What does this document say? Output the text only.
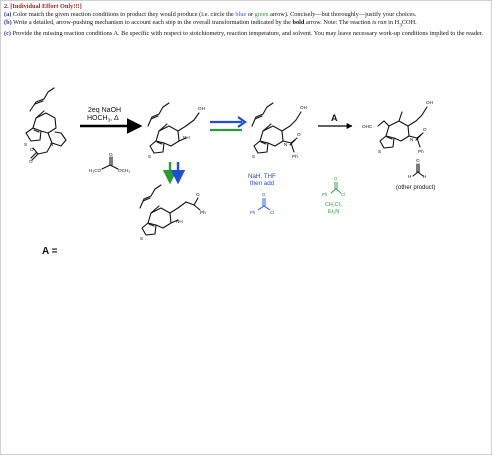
2. [Individual Effort Only!!!]

(a) Color match the given reaction conditions to product they would produce (i.e. circle the blue or green arrow). Concisely—but thoroughly—justify your choices.

(b) Write a detailed, arrow-pushing mechanism to account each step in the overall transformation indicated by the bold arrow. Note: The reaction is run in $H_3COH$.

(c) Provide the missing reaction conditions A. Be specific with respect to stoichiometry, reaction temperature, and solvent. You may leave necessary work-up conditions implied to the reader.

S	N
O
O
2eq NaOH
$HOCH_3$, Δ
O
H₃CO	OCH₃
S
NH
OH
S
NH
O
Ph
S
N
O
Ph
OH
A
OHC
S
N
O
Ph
OH
NaH, THF
then add
O
Ph	Cl
O
Ph	Cl
CH₂Cl₂
Et₃N
O
H	H
(other product)
A =
